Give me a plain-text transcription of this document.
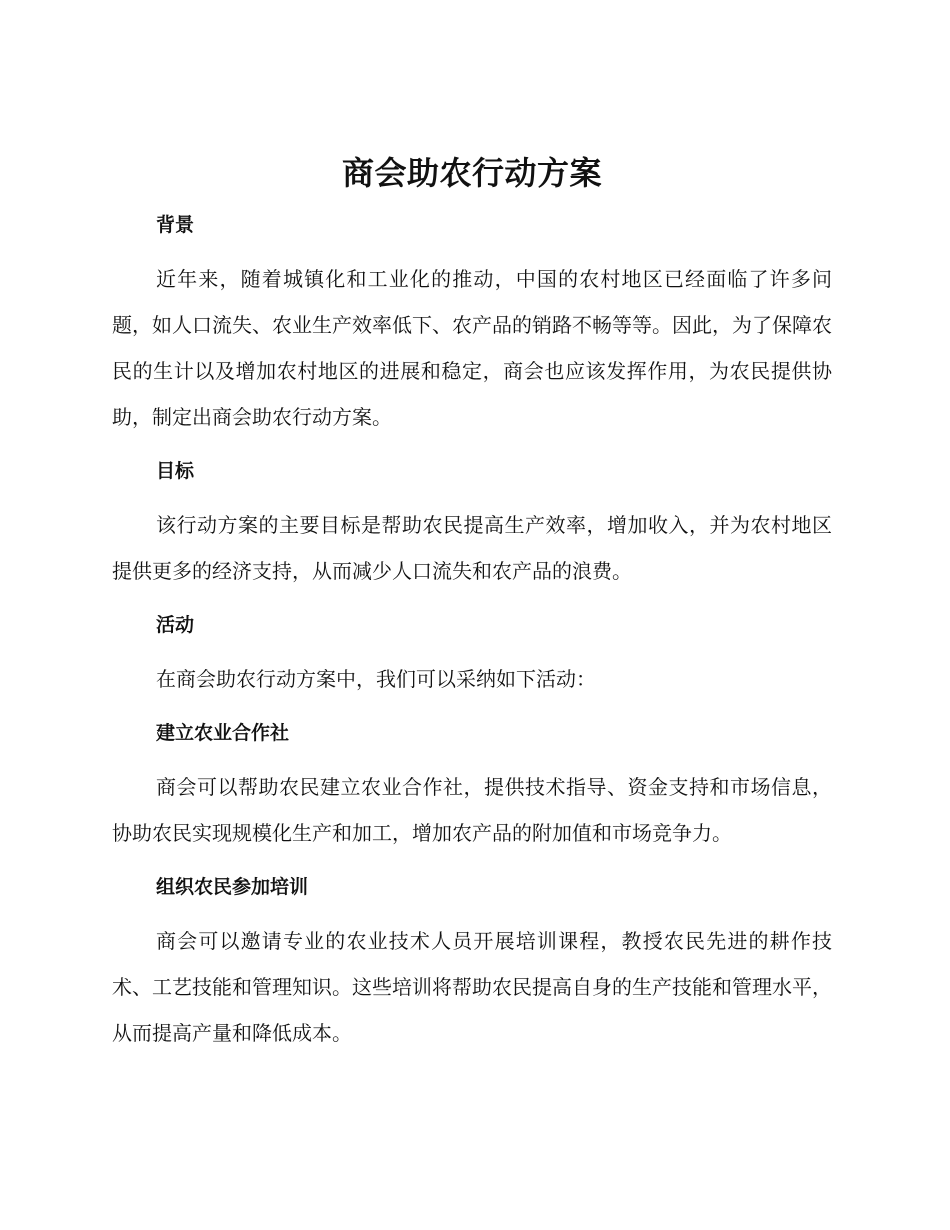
商会助农行动方案
背景

近年来，随着城镇化和工业化的推动，中国的农村地区已经面临了许多问题，如人口流失、农业生产效率低下、农产品的销路不畅等等。因此，为了保障农民的生计以及增加农村地区的进展和稳定，商会也应该发挥作用，为农民提供协助，制定出商会助农行动方案。

目标

该行动方案的主要目标是帮助农民提高生产效率，增加收入，并为农村地区提供更多的经济支持，从而减少人口流失和农产品的浪费。

活动

在商会助农行动方案中，我们可以采纳如下活动：

建立农业合作社

商会可以帮助农民建立农业合作社，提供技术指导、资金支持和市场信息，协助农民实现规模化生产和加工，增加农产品的附加值和市场竞争力。

组织农民参加培训

商会可以邀请专业的农业技术人员开展培训课程，教授农民先进的耕作技术、工艺技能和管理知识。这些培训将帮助农民提高自身的生产技能和管理水平，从而提高产量和降低成本。
